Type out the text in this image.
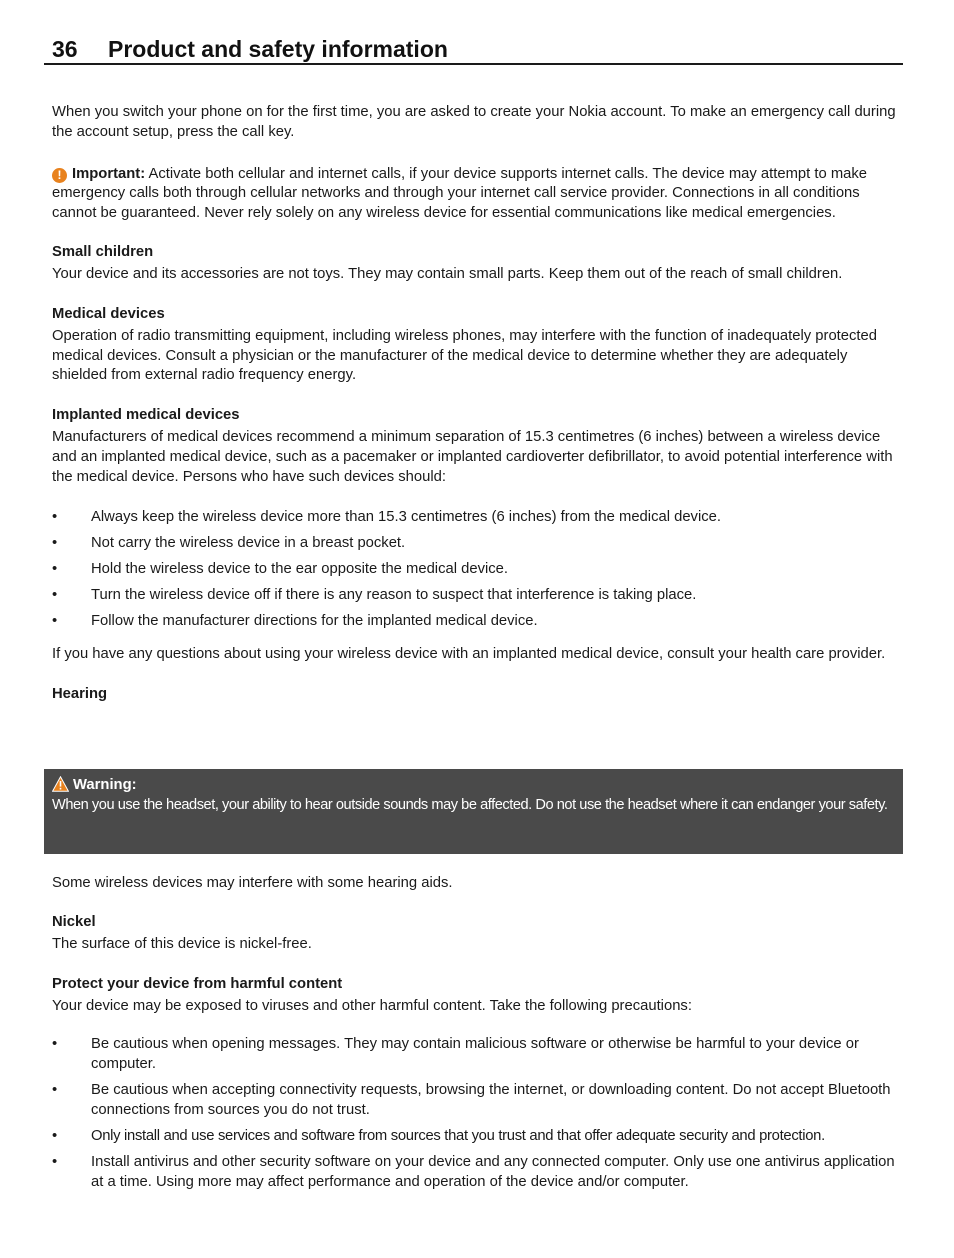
36 Product and safety information

When you switch your phone on for the first time, you are asked to create your Nokia account. To make an emergency call during the account setup, press the call key.

! Important: Activate both cellular and internet calls, if your device supports internet calls. The device may attempt to make emergency calls both through cellular networks and through your internet call service provider. Connections in all conditions cannot be guaranteed. Never rely solely on any wireless device for essential communications like medical emergencies.

Small children

Your device and its accessories are not toys. They may contain small parts. Keep them out of the reach of small children.

Medical devices

Operation of radio transmitting equipment, including wireless phones, may interfere with the function of inadequately protected medical devices. Consult a physician or the manufacturer of the medical device to determine whether they are adequately shielded from external radio frequency energy.

Implanted medical devices

Manufacturers of medical devices recommend a minimum separation of 15.3 centimetres (6 inches) between a wireless device and an implanted medical device, such as a pacemaker or implanted cardioverter defibrillator, to avoid potential interference with the medical device. Persons who have such devices should:

• Always keep the wireless device more than 15.3 centimetres (6 inches) from the medical device.
• Not carry the wireless device in a breast pocket.
• Hold the wireless device to the ear opposite the medical device.
• Turn the wireless device off if there is any reason to suspect that interference is taking place.
• Follow the manufacturer directions for the implanted medical device.

If you have any questions about using your wireless device with an implanted medical device, consult your health care provider.

Hearing

Warning:
When you use the headset, your ability to hear outside sounds may be affected. Do not use the headset where it can endanger your safety.

Some wireless devices may interfere with some hearing aids.

Nickel

The surface of this device is nickel-free.

Protect your device from harmful content

Your device may be exposed to viruses and other harmful content. Take the following precautions:

• Be cautious when opening messages. They may contain malicious software or otherwise be harmful to your device or computer.
• Be cautious when accepting connectivity requests, browsing the internet, or downloading content. Do not accept Bluetooth connections from sources you do not trust.
• Only install and use services and software from sources that you trust and that offer adequate security and protection.
• Install antivirus and other security software on your device and any connected computer. Only use one antivirus application at a time. Using more may affect performance and operation of the device and/or computer.
